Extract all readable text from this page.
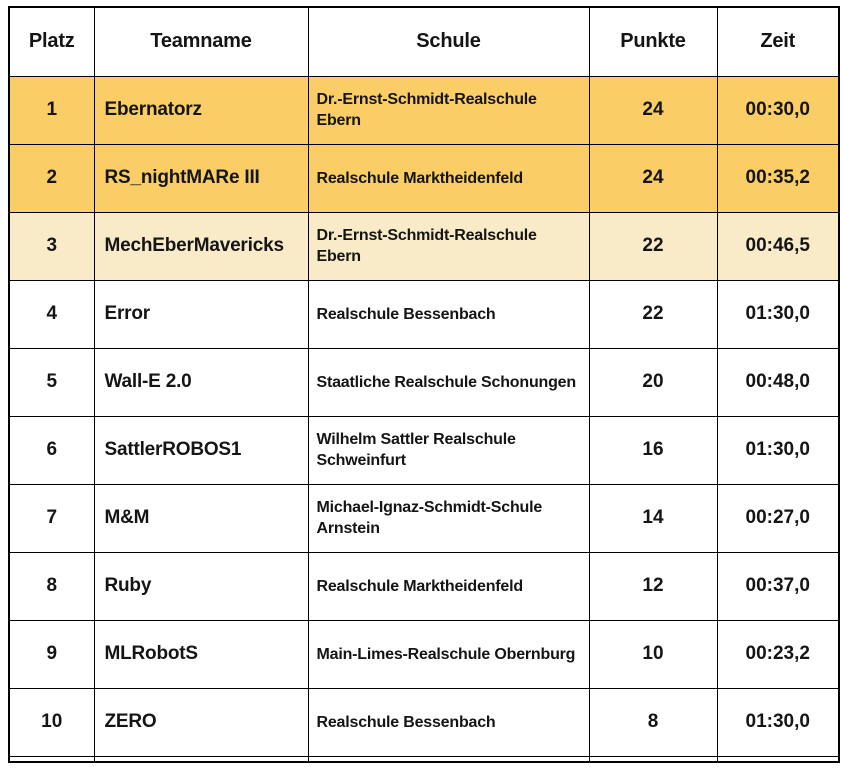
Platz	Teamname	Schule	Punkte	Zeit
1	Ebernatorz	Dr.-Ernst-Schmidt-Realschule Ebern	24	00:30,0
2	RS_nightMARe III	Realschule Marktheidenfeld	24	00:35,2
3	MechEberMavericks	Dr.-Ernst-Schmidt-Realschule Ebern	22	00:46,5
4	Error	Realschule Bessenbach	22	01:30,0
5	Wall-E 2.0	Staatliche Realschule Schonungen	20	00:48,0
6	SattlerROBOS1	Wilhelm Sattler Realschule Schweinfurt	16	01:30,0
7	M&M	Michael-Ignaz-Schmidt-Schule Arnstein	14	00:27,0
8	Ruby	Realschule Marktheidenfeld	12	00:37,0
9	MLRobotS	Main-Limes-Realschule Obernburg	10	00:23,2
10	ZERO	Realschule Bessenbach	8	01:30,0
